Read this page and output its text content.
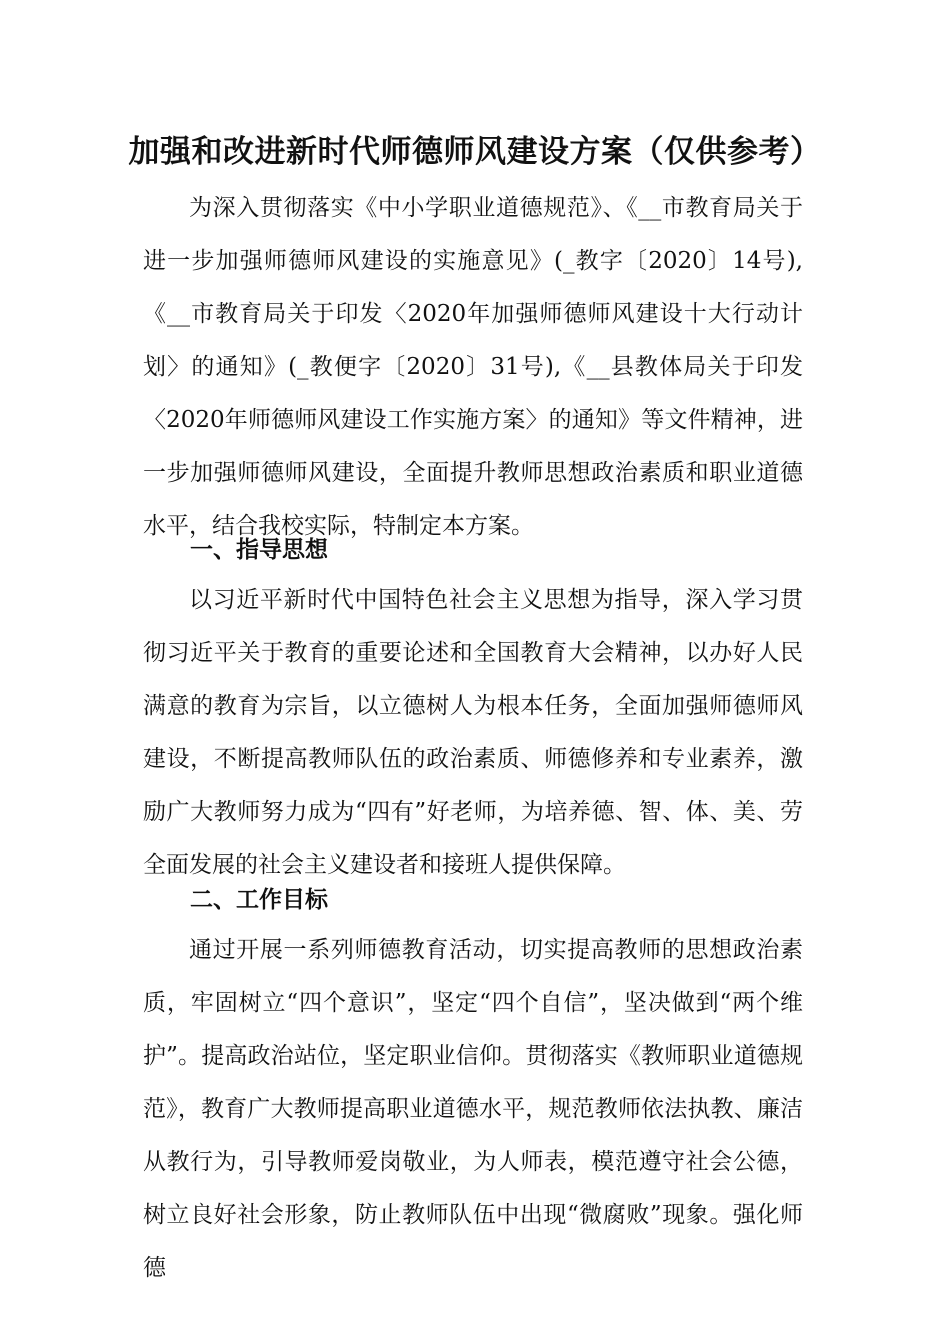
加强和改进新时代师德师风建设方案（仅供参考）

为深入贯彻落实《中小学职业道德规范》、《__市教育局关于进一步加强师德师风建设的实施意见》(_教字〔2020〕14号),《__市教育局关于印发〈2020年加强师德师风建设十大行动计划〉的通知》(_教便字〔2020〕31号),《__县教体局关于印发〈2020年师德师风建设工作实施方案〉的通知》等文件精神，进一步加强师德师风建设，全面提升教师思想政治素质和职业道德水平，结合我校实际，特制定本方案。

一、指导思想

以习近平新时代中国特色社会主义思想为指导，深入学习贯彻习近平关于教育的重要论述和全国教育大会精神，以办好人民满意的教育为宗旨，以立德树人为根本任务，全面加强师德师风建设，不断提高教师队伍的政治素质、师德修养和专业素养，激励广大教师努力成为“四有”好老师，为培养德、智、体、美、劳全面发展的社会主义建设者和接班人提供保障。

二、工作目标

通过开展一系列师德教育活动，切实提高教师的思想政治素质，牢固树立“四个意识”，坚定“四个自信”，坚决做到“两个维护”。提高政治站位，坚定职业信仰。贯彻落实《教师职业道德规范》，教育广大教师提高职业道德水平，规范教师依法执教、廉洁从教行为，引导教师爱岗敬业，为人师表，模范遵守社会公德，树立良好社会形象，防止教师队伍中出现“微腐败”现象。强化师德
